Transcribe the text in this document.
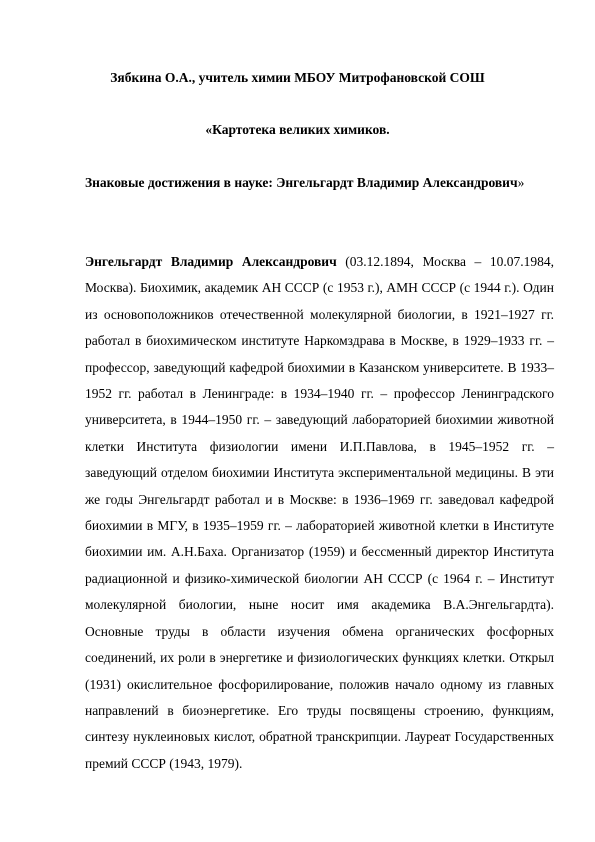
Зябкина О.А., учитель химии МБОУ Митрофановской СОШ
«Картотека великих химиков.
Знаковые достижения в науке: Энгельгардт Владимир Александрович»
Энгельгардт Владимир Александрович (03.12.1894, Москва – 10.07.1984, Москва). Биохимик, академик АН СССР (с 1953 г.), АМН СССР (с 1944 г.). Один из основоположников отечественной молекулярной биологии, в 1921–1927 гг. работал в биохимическом институте Наркомздрава в Москве, в 1929–1933 гг. – профессор, заведующий кафедрой биохимии в Казанском университете. В 1933–1952 гг. работал в Ленинграде: в 1934–1940 гг. – профессор Ленинградского университета, в 1944–1950 гг. – заведующий лабораторией биохимии животной клетки Института физиологии имени И.П.Павлова, в 1945–1952 гг. – заведующий отделом биохимии Института экспериментальной медицины. В эти же годы Энгельгардт работал и в Москве: в 1936–1969 гг. заведовал кафедрой биохимии в МГУ, в 1935–1959 гг. – лабораторией животной клетки в Институте биохимии им. А.Н.Баха. Организатор (1959) и бессменный директор Института радиационной и физико-химической биологии АН СССР (с 1964 г. – Институт молекулярной биологии, ныне носит имя академика В.А.Энгельгардта). Основные труды в области изучения обмена органических фосфорных соединений, их роли в энергетике и физиологических функциях клетки. Открыл (1931) окислительное фосфорилирование, положив начало одному из главных направлений в биоэнергетике. Его труды посвящены строению, функциям, синтезу нуклеиновых кислот, обратной транскрипции. Лауреат Государственных премий СССР (1943, 1979).
